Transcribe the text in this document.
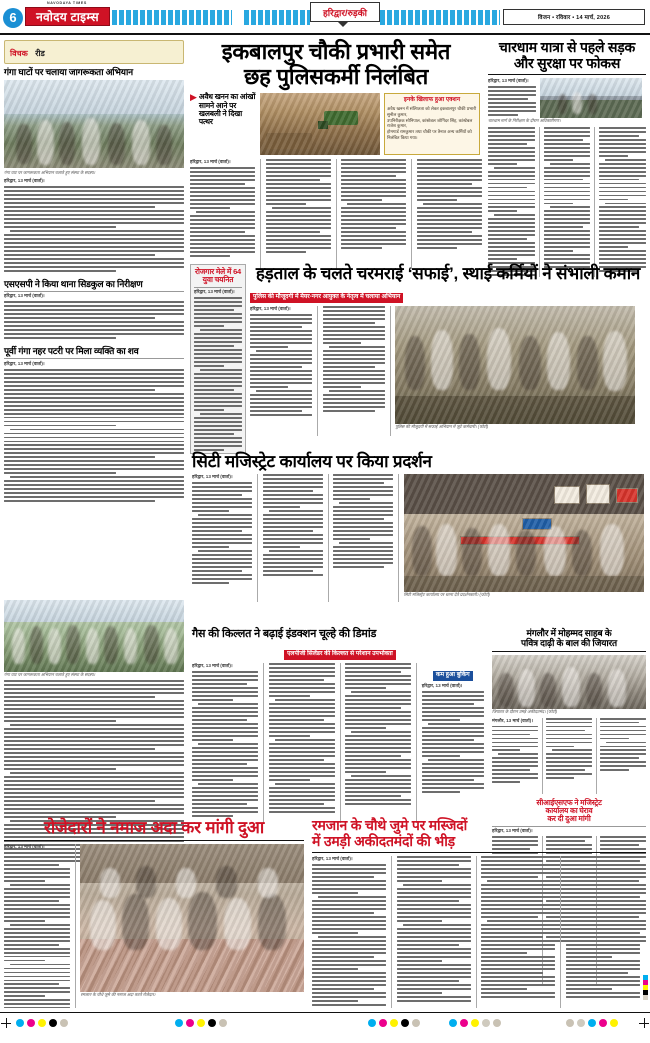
6
NAVODAYA TIMES
नवोदय टाइम्स	हरिद्वार/रुड़की	विजन • रविवार • 14 मार्च, 2026
विचक रीड
गंगा घाटों पर चलाया जागरूकता अभियान
गंगा घाट पर जागरूकता अभियान चलाते हुए संस्था के सदस्य।
हरिद्वार, 13 मार्च (वार्ता)।
एसएसपी ने किया थाना सिडकुल का निरीक्षण
हरिद्वार, 13 मार्च (वार्ता)।
पूर्वी गंगा नहर पटरी पर मिला व्यक्ति का शव
हरिद्वार, 13 मार्च (वार्ता)।
इकबालपुर चौकी प्रभारी समेत
छह पुलिसकर्मी निलंबित
▶ अवैध खनन का आंखों सामने आने पर खलबली ने दिखा पत्थर
इनके खिलाफ हुआ एक्शन
अवैध खनन में संलिप्तता को लेकर इकबालपुर चौकी प्रभारी सुनील कुमार,
उपनिरीक्षक सोनिपाल, कांस्टेबल जोगिंदर सिंह, कांस्टेबल राजेश कुमार,
होमगार्ड रामकुमार तथा चौकी पर तैनात अन्य कर्मियों को निलंबित किया गया।
हरिद्वार, 13 मार्च (वार्ता)।
चारधाम यात्रा से पहले सड़क
और सुरक्षा पर फोकस
हरिद्वार, 13 मार्च (वार्ता)।
चारधाम मार्ग के निरीक्षण के दौरान अधिकारीगण।
रोजगार मेले में 64
युवा चयनित
हरिद्वार, 13 मार्च (वार्ता)।
हड़ताल के चलते चरमराई ‘सफाई’, स्थाई कर्मियों ने संभाली कमान
पुलिस की मौजूदगी में मेयर-नगर आयुक्त के नेतृत्व में चलाया अभियान
हरिद्वार, 13 मार्च (वार्ता)।
पुलिस की मौजूदगी में सफाई अभियान में जुटे कर्मचारी। (फोटो)
सिटी मजिस्ट्रेट कार्यालय पर किया प्रदर्शन
हरिद्वार, 13 मार्च (वार्ता)।
सिटी मजिस्ट्रेट कार्यालय पर धरना देते प्रदर्शनकारी। (फोटो)
गैस की किल्लत ने बढ़ाई इंडक्शन चूल्हे की डिमांड
एलपीजी सिलेंडर की किल्लत से परेशान उपभोक्ता
हरिद्वार, 13 मार्च (वार्ता)।
कम हुआ बुकिंग
हरिद्वार, 13 मार्च (वार्ता)।
मंगलौर में मोहम्मद साहब के
पवित्र दाढ़ी के बाल की जियारत
जियारत के दौरान उमड़े अकीदतमंद। (फोटो)
मंगलौर, 13 मार्च (वार्ता)।
सीआईएसएफ ने मजिस्ट्रेट
कार्यालय का घेराव
कर दी दुआ मांगी
हरिद्वार, 13 मार्च (वार्ता)।
गंगा घाट पर जागरूकता अभियान चलाते हुए संस्था के सदस्य।
रोजेदारों ने नमाज अदा कर मांगी दुआ
हरिद्वार, 13 मार्च (वार्ता)।
रमजान के चौथे जुमे की नमाज अदा करते रोजेदार।
रमजान के चौथे जुमे पर मस्जिदों
में उमड़ी अकीदतमंदों की भीड़
हरिद्वार, 13 मार्च (वार्ता)।
